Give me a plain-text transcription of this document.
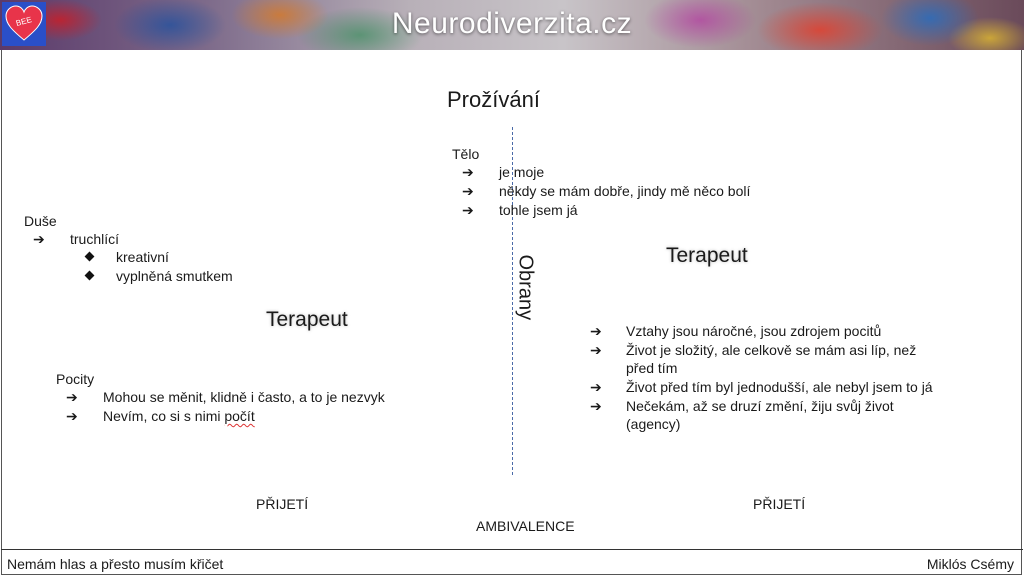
BEE	Neurodiverzita.cz
Prožívání
Obrany
Tělo
➔ je moje
➔ někdy se mám dobře, jindy mě něco bolí
➔ tohle jsem já
Duše
➔ truchlící
kreativní
vyplněná smutkem
Terapeut
Terapeut
Pocity
➔ Mohou se měnit, klidně i často, a to je nezvyk
➔ Nevím, co si s nimi počít
➔ Vztahy jsou náročné, jsou zdrojem pocitů
➔ Život je složitý, ale celkově se mám asi líp, než
před tím
➔ Život před tím byl jednodušší, ale nebyl jsem to já
➔ Nečekám, až se druzí změní, žiju svůj život
(agency)
PŘIJETÍ	PŘIJETÍ
AMBIVALENCE
Nemám hlas a přesto musím křičet	Miklós Csémy
